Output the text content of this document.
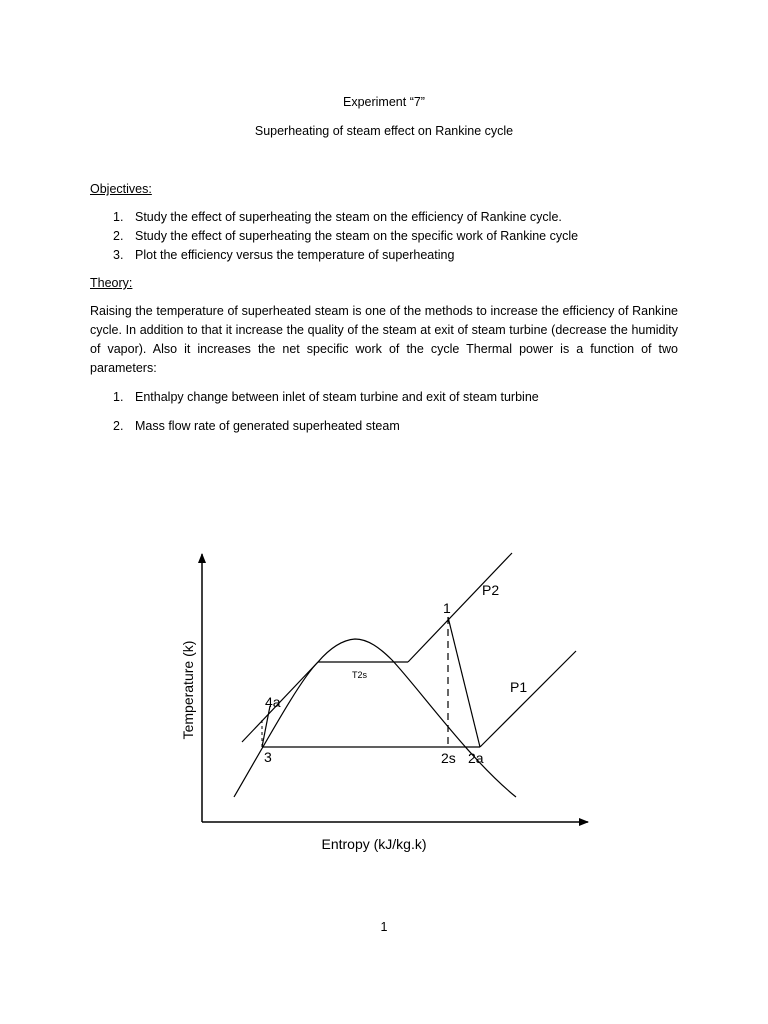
Experiment “7”
Superheating of steam effect on Rankine cycle
Objectives:
1. Study the effect of superheating the steam on the efficiency of Rankine cycle.
2. Study the effect of superheating the steam on the specific work of Rankine cycle
3. Plot the efficiency versus the temperature of superheating
Theory:
Raising the temperature of superheated steam is one of the methods to increase the efficiency of Rankine cycle. In addition to that it increase the quality of the steam at exit of steam turbine (decrease the humidity of vapor). Also it increases the net specific work of the cycle Thermal power is a function of two parameters:
1. Enthalpy change between inlet of steam turbine and exit of steam turbine
2. Mass flow rate of generated superheated steam
P2
P1
1
T2s
4a
3	2s 2a
Temperature (k)
Entropy (kJ/kg.k)
1
